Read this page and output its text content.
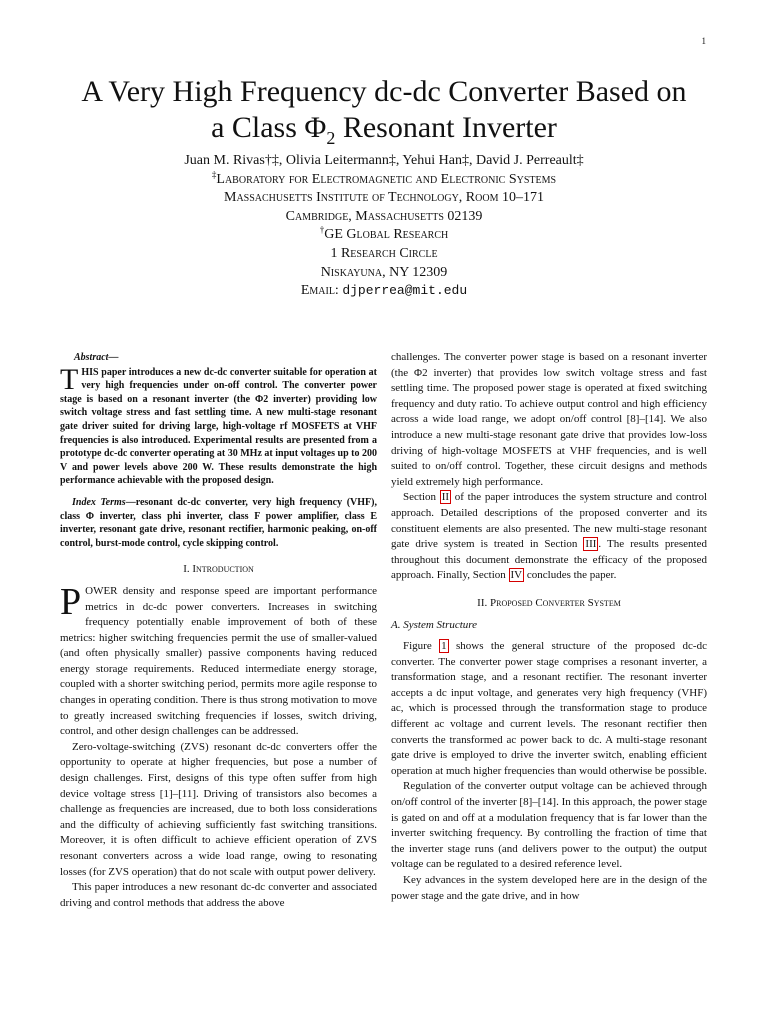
1
A Very High Frequency dc-dc Converter Based on
a Class $\Phi_2$ Resonant Inverter
Juan M. Rivas†‡, Olivia Leitermann‡, Yehui Han‡, David J. Perreault‡
‡Laboratory for Electromagnetic and Electronic Systems
Massachusetts Institute of Technology, Room 10–171
Cambridge, Massachusetts 02139
†GE Global Research
1 Research Circle
Niskayuna, NY 12309
Email: djperrea@mit.edu
Abstract—
THIS paper introduces a new dc-dc converter suitable for operation at very high frequencies under on-off control. The converter power stage is based on a resonant inverter (the Φ2 inverter) providing low switch voltage stress and fast settling time. A new multi-stage resonant gate driver suited for driving large, high-voltage rf MOSFETS at VHF frequencies is also introduced. Experimental results are presented from a prototype dc-dc converter operating at 30 MHz at input voltages up to 200 V and power levels above 200 W. These results demonstrate the high performance achievable with the proposed design.
Index Terms—resonant dc-dc converter, very high frequency (VHF), class Φ inverter, class phi inverter, class F power amplifier, class E inverter, resonant gate drive, resonant rectifier, harmonic peaking, on-off control, burst-mode control, cycle skipping control.
I. Introduction

POWER density and response speed are important performance metrics in dc-dc power converters. Increases in switching frequency potentially enable improvement of both of these metrics: higher switching frequencies permit the use of smaller-valued (and often physically smaller) passive components having reduced energy storage requirements. Reduced intermediate energy storage, coupled with a shorter switching period, permits more agile response to changes in operating condition. There is thus strong motivation to move to greatly increased switching frequencies if losses, switch driving, control, and other design challenges can be addressed.

Zero-voltage-switching (ZVS) resonant dc-dc converters offer the opportunity to operate at higher frequencies, but pose a number of design challenges. First, designs of this type often suffer from high device voltage stress [1]–[11]. Driving of transistors also becomes a challenge as frequencies are increased, due to both loss considerations and the difficulty of achieving sufficiently fast switching transitions. Moreover, it is often difficult to achieve efficient operation of ZVS resonant converters across a wide load range, owing to resonating losses (for ZVS operation) that do not scale with output power delivery.

This paper introduces a new resonant dc-dc converter and associated driving and control methods that address the above

challenges. The converter power stage is based on a resonant inverter (the Φ2 inverter) that provides low switch voltage stress and fast settling time. The proposed power stage is operated at fixed switching frequency and duty ratio. To achieve output control and high efficiency across a wide load range, we adopt on/off control [8]–[14]. We also introduce a new multi-stage resonant gate drive that provides low-loss driving of high-voltage MOSFETS at VHF frequencies, and is well suited to on/off control. Together, these circuit designs and methods yield extremely high performance.

Section II of the paper introduces the system structure and control approach. Detailed descriptions of the proposed converter and its constituent elements are also presented. The new multi-stage resonant gate drive system is treated in Section III . The results presented throughout this document demonstrate the efficacy of the proposed approach. Finally, Section IV concludes the paper.

II. Proposed Converter System
A. System Structure

Figure 1 shows the general structure of the proposed dc-dc converter. The converter power stage comprises a resonant inverter, a transformation stage, and a resonant rectifier. The resonant inverter accepts a dc input voltage, and generates very high frequency (VHF) ac, which is processed through the transformation stage to produce different ac voltage and current levels. The resonant rectifier then converts the transformed ac power back to dc. A multi-stage resonant gate drive is employed to drive the inverter switch, enabling efficient operation at much higher frequencies than would otherwise be possible.

Regulation of the converter output voltage can be achieved through on/off control of the inverter [8]–[14]. In this approach, the power stage is gated on and off at a modulation frequency that is far lower than the inverter switching frequency. By controlling the fraction of time that the inverter stage runs (and delivers power to the output) the output voltage can be regulated to a desired reference level.

Key advances in the system developed here are in the design of the power stage and the gate drive, and in how
